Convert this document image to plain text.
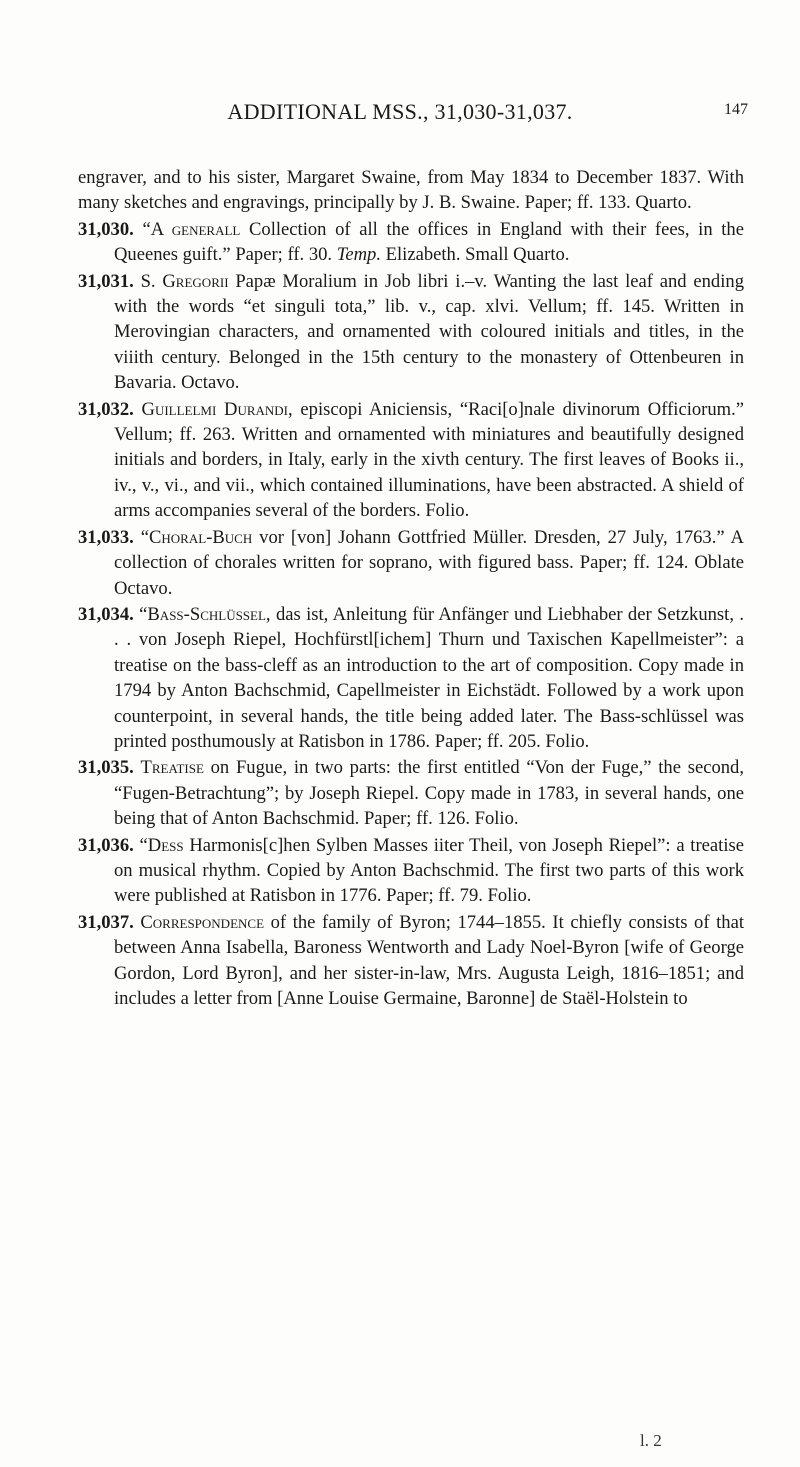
ADDITIONAL MSS., 31,030-31,037.	147

engraver, and to his sister, Margaret Swaine, from May 1834 to December 1837. With many sketches and engravings, principally by J. B. Swaine. Paper; ff. 133. Quarto.

31,030. “A generall Collection of all the offices in England with their fees, in the Queenes guift.” Paper; ff. 30. Temp. Elizabeth. Small Quarto.

31,031. S. Gregorii Papæ Moralium in Job libri i.–v. Wanting the last leaf and ending with the words “et singuli tota,” lib. v., cap. xlvi. Vellum; ff. 145. Written in Merovingian characters, and ornamented with coloured initials and titles, in the viiith century. Belonged in the 15th century to the monastery of Ottenbeuren in Bavaria. Octavo.

31,032. Guillelmi Durandi, episcopi Aniciensis, “Raci[o]nale divinorum Officiorum.” Vellum; ff. 263. Written and ornamented with miniatures and beautifully designed initials and borders, in Italy, early in the xivth century. The first leaves of Books ii., iv., v., vi., and vii., which contained illuminations, have been abstracted. A shield of arms accompanies several of the borders. Folio.

31,033. “Choral-Buch vor [von] Johann Gottfried Müller. Dresden, 27 July, 1763.” A collection of chorales written for soprano, with figured bass. Paper; ff. 124. Oblate Octavo.

31,034. “Bass-Schlüssel, das ist, Anleitung für Anfänger und Liebhaber der Setzkunst, . . . von Joseph Riepel, Hochfürstl[ichem] Thurn und Taxischen Kapellmeister”: a treatise on the bass-cleff as an introduction to the art of composition. Copy made in 1794 by Anton Bachschmid, Capellmeister in Eichstädt. Followed by a work upon counterpoint, in several hands, the title being added later. The Bass-schlüssel was printed posthumously at Ratisbon in 1786. Paper; ff. 205. Folio.

31,035. Treatise on Fugue, in two parts: the first entitled “Von der Fuge,” the second, “Fugen-Betrachtung”; by Joseph Riepel. Copy made in 1783, in several hands, one being that of Anton Bachschmid. Paper; ff. 126. Folio.

31,036. “Dess Harmonis[c]hen Sylben Masses iiter Theil, von Joseph Riepel”: a treatise on musical rhythm. Copied by Anton Bachschmid. The first two parts of this work were published at Ratisbon in 1776. Paper; ff. 79. Folio.

31,037. Correspondence of the family of Byron; 1744–1855. It chiefly consists of that between Anna Isabella, Baroness Wentworth and Lady Noel-Byron [wife of George Gordon, Lord Byron], and her sister-in-law, Mrs. Augusta Leigh, 1816–1851; and includes a letter from [Anne Louise Germaine, Baronne] de Staël-Holstein to

l. 2
